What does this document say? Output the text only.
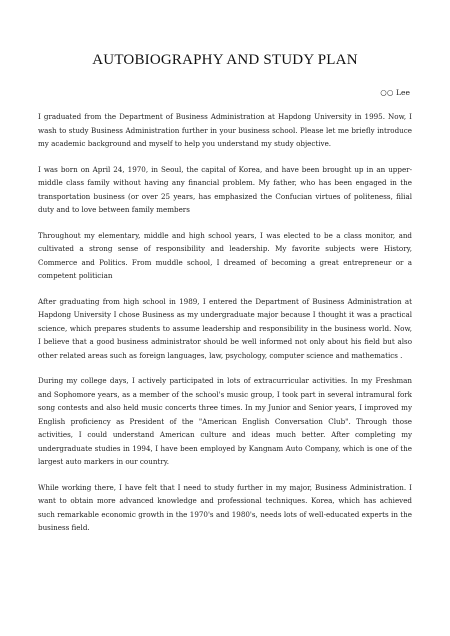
AUTOBIOGRAPHY AND STUDY PLAN
○○ Lee

I graduated from the Department of Business Administration at Hapdong University in 1995. Now, I wash to study Business Administration further in your business school. Please let me briefly introduce my academic background and myself to help you understand my study objective.

I was born on April 24, 1970, in Seoul, the capital of Korea, and have been brought up in an upper-middle class family without having any financial problem. My father, who has been engaged in the transportation business (or over 25 years, has emphasized the Confucian virtues of politeness, filial duty and to love between family members

Throughout my elementary, middle and high school years, I was elected to be a class monitor, and cultivated a strong sense of responsibility and leadership. My favorite subjects were History, Commerce and Politics. From muddle school, I dreamed of becoming a great entrepreneur or a competent politician

After graduating from high school in 1989, I entered the Department of Business Administration at Hapdong University I chose Business as my undergraduate major because I thought it was a practical science, which prepares students to assume leadership and responsibility in the business world. Now, I believe that a good business administrator should be well informed not only about his field but also other related areas such as foreign languages, law, psychology, computer science and mathematics .

During my college days, I actively participated in lots of extracurricular activities. In my Freshman and Sophomore years, as a member of the school's music group, I took part in several intramural fork song contests and also held music concerts three times. In my Junior and Senior years, I improved my English proficiency as President of the "American English Conversation Club". Through those activities, I could understand American culture and ideas much better. After completing my undergraduate studies in 1994, I have been employed by Kangnam Auto Company, which is one of the largest auto markers in our country.

While working there, I have felt that I need to study further in my major, Business Administration. I want to obtain more advanced knowledge and professional techniques. Korea, which has achieved such remarkable economic growth in the 1970's and 1980's, needs lots of well-educated experts in the business field.
